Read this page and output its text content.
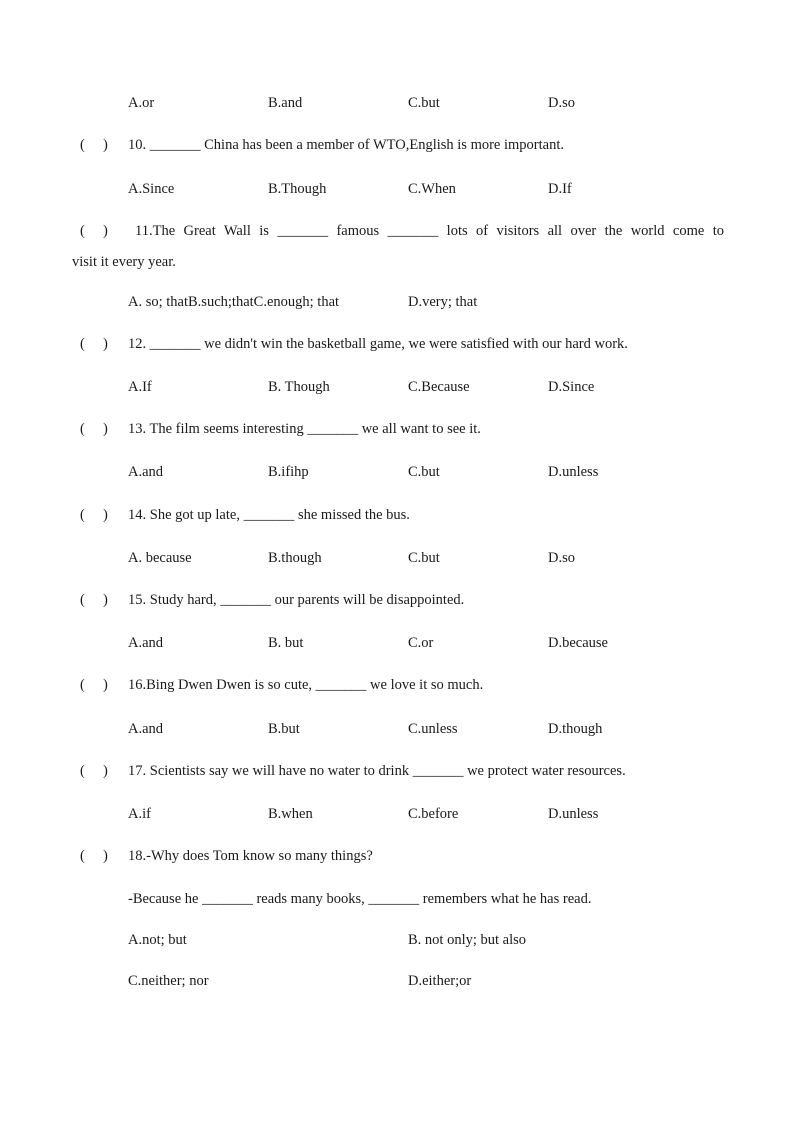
A.or	B.and	C.but	D.so
(     ) 10. _______ China has been a member of WTO,English is more important.
A.Since	B.Though	C.When	D.If
(     ) 11.The Great Wall is _______ famous _______ lots of visitors all over the world come to
visit it every year.
A. so; thatB.such;thatC.enough; that	D.very; that
(     ) 12. _______ we didn't win the basketball game, we were satisfied with our hard work.
A.If	B. Though	C.Because	D.Since
(     ) 13. The film seems interesting _______ we all want to see it.
A.and	B.ifihp	C.but	D.unless
(     ) 14. She got up late, _______ she missed the bus.
A. because	B.though	C.but	D.so
(     ) 15. Study hard, _______ our parents will be disappointed.
A.and	B. but	C.or	D.because
(     ) 16.Bing Dwen Dwen is so cute, _______ we love it so much.
A.and	B.but	C.unless	D.though
(     ) 17. Scientists say we will have no water to drink _______ we protect water resources.
A.if	B.when	C.before	D.unless
(     ) 18.-Why does Tom know so many things?
-Because he _______ reads many books, _______ remembers what he has read.
A.not; but	B. not only; but also
C.neither; nor	D.either;or
